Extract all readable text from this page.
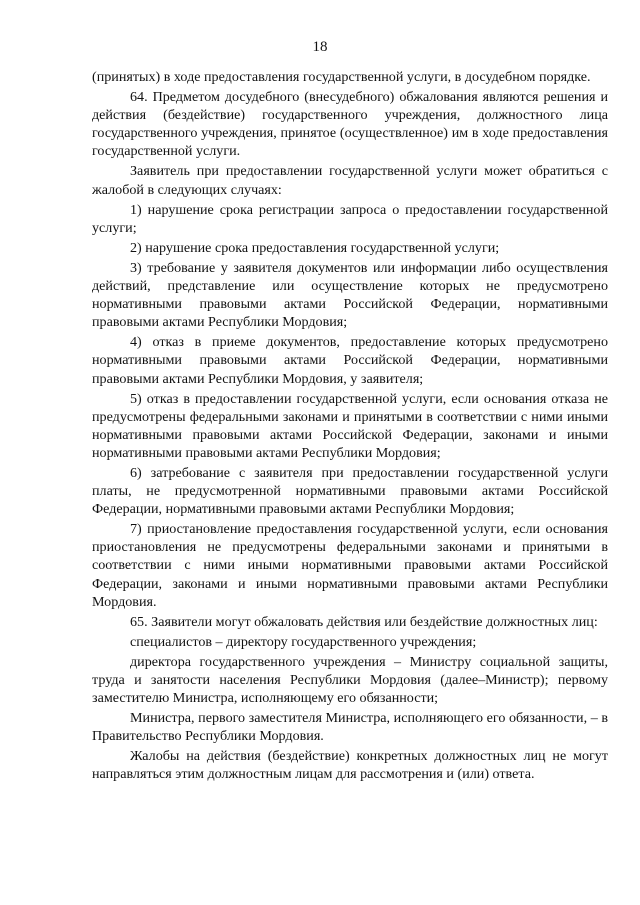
18

(принятых) в ходе предоставления государственной услуги, в досудебном порядке.

64. Предметом досудебного (внесудебного) обжалования являются решения и действия (бездействие) государственного учреждения, должностного лица государственного учреждения, принятое (осуществленное) им в ходе предоставления государственной услуги.

Заявитель при предоставлении государственной услуги может обратиться с жалобой в следующих случаях:

1) нарушение срока регистрации запроса о предоставлении государственной услуги;

2) нарушение срока предоставления государственной услуги;

3) требование у заявителя документов или информации либо осуществления действий, представление или осуществление которых не предусмотрено нормативными правовыми актами Российской Федерации, нормативными правовыми актами Республики Мордовия;

4) отказ в приеме документов, предоставление которых предусмотрено нормативными правовыми актами Российской Федерации, нормативными правовыми актами Республики Мордовия, у заявителя;

5) отказ в предоставлении государственной услуги, если основания отказа не предусмотрены федеральными законами и принятыми в соответствии с ними иными нормативными правовыми актами Российской Федерации, законами и иными нормативными правовыми актами Республики Мордовия;

6) затребование с заявителя при предоставлении государственной услуги платы, не предусмотренной нормативными правовыми актами Российской Федерации, нормативными правовыми актами Республики Мордовия;

7) приостановление предоставления государственной услуги, если основания приостановления не предусмотрены федеральными законами и принятыми в соответствии с ними иными нормативными правовыми актами Российской Федерации, законами и иными нормативными правовыми актами Республики Мордовия.

65. Заявители могут обжаловать действия или бездействие должностных лиц:

специалистов – директору государственного учреждения;

директора государственного учреждения – Министру социальной защиты, труда и занятости населения Республики Мордовия (далее–Министр); первому заместителю Министра, исполняющему его обязанности;

Министра, первого заместителя Министра, исполняющего его обязанности, – в Правительство Республики Мордовия.

Жалобы на действия (бездействие) конкретных должностных лиц не могут направляться этим должностным лицам для рассмотрения и (или) ответа.
